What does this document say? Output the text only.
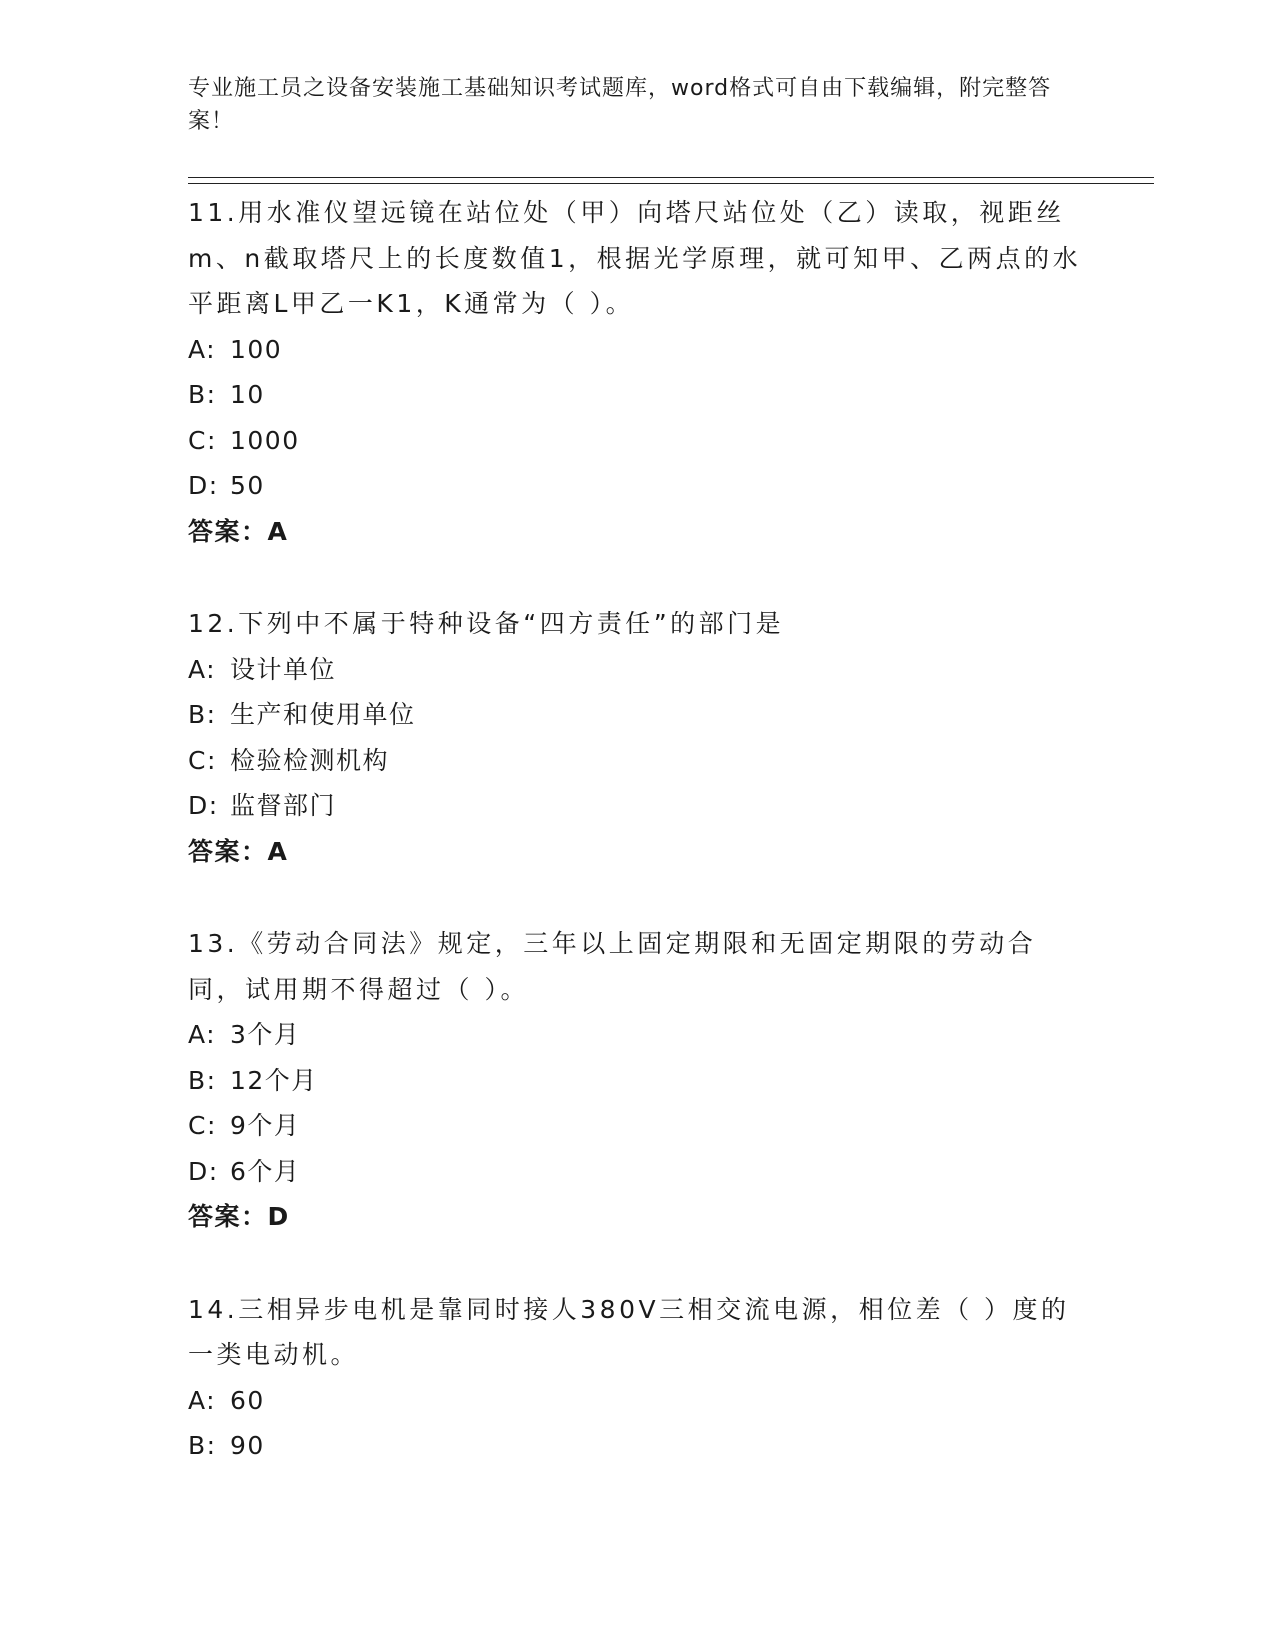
专业施工员之设备安装施工基础知识考试题库，word格式可自由下载编辑，附完整答案！
11.用水准仪望远镜在站位处（甲）向塔尺站位处（乙）读取，视距丝m、n截取塔尺上的长度数值1，根据光学原理，就可知甲、乙两点的水平距离L甲乙一K1，K通常为（ ）。
A: 100
B: 10
C: 1000
D: 50
答案：A
12.下列中不属于特种设备“四方责任”的部门是
A: 设计单位
B: 生产和使用单位
C: 检验检测机构
D: 监督部门
答案：A
13.《劳动合同法》规定，三年以上固定期限和无固定期限的劳动合同，试用期不得超过（ ）。
A: 3个月
B: 12个月
C: 9个月
D: 6个月
答案：D
14.三相异步电机是靠同时接人380V三相交流电源，相位差（ ）度的一类电动机。
A: 60
B: 90
